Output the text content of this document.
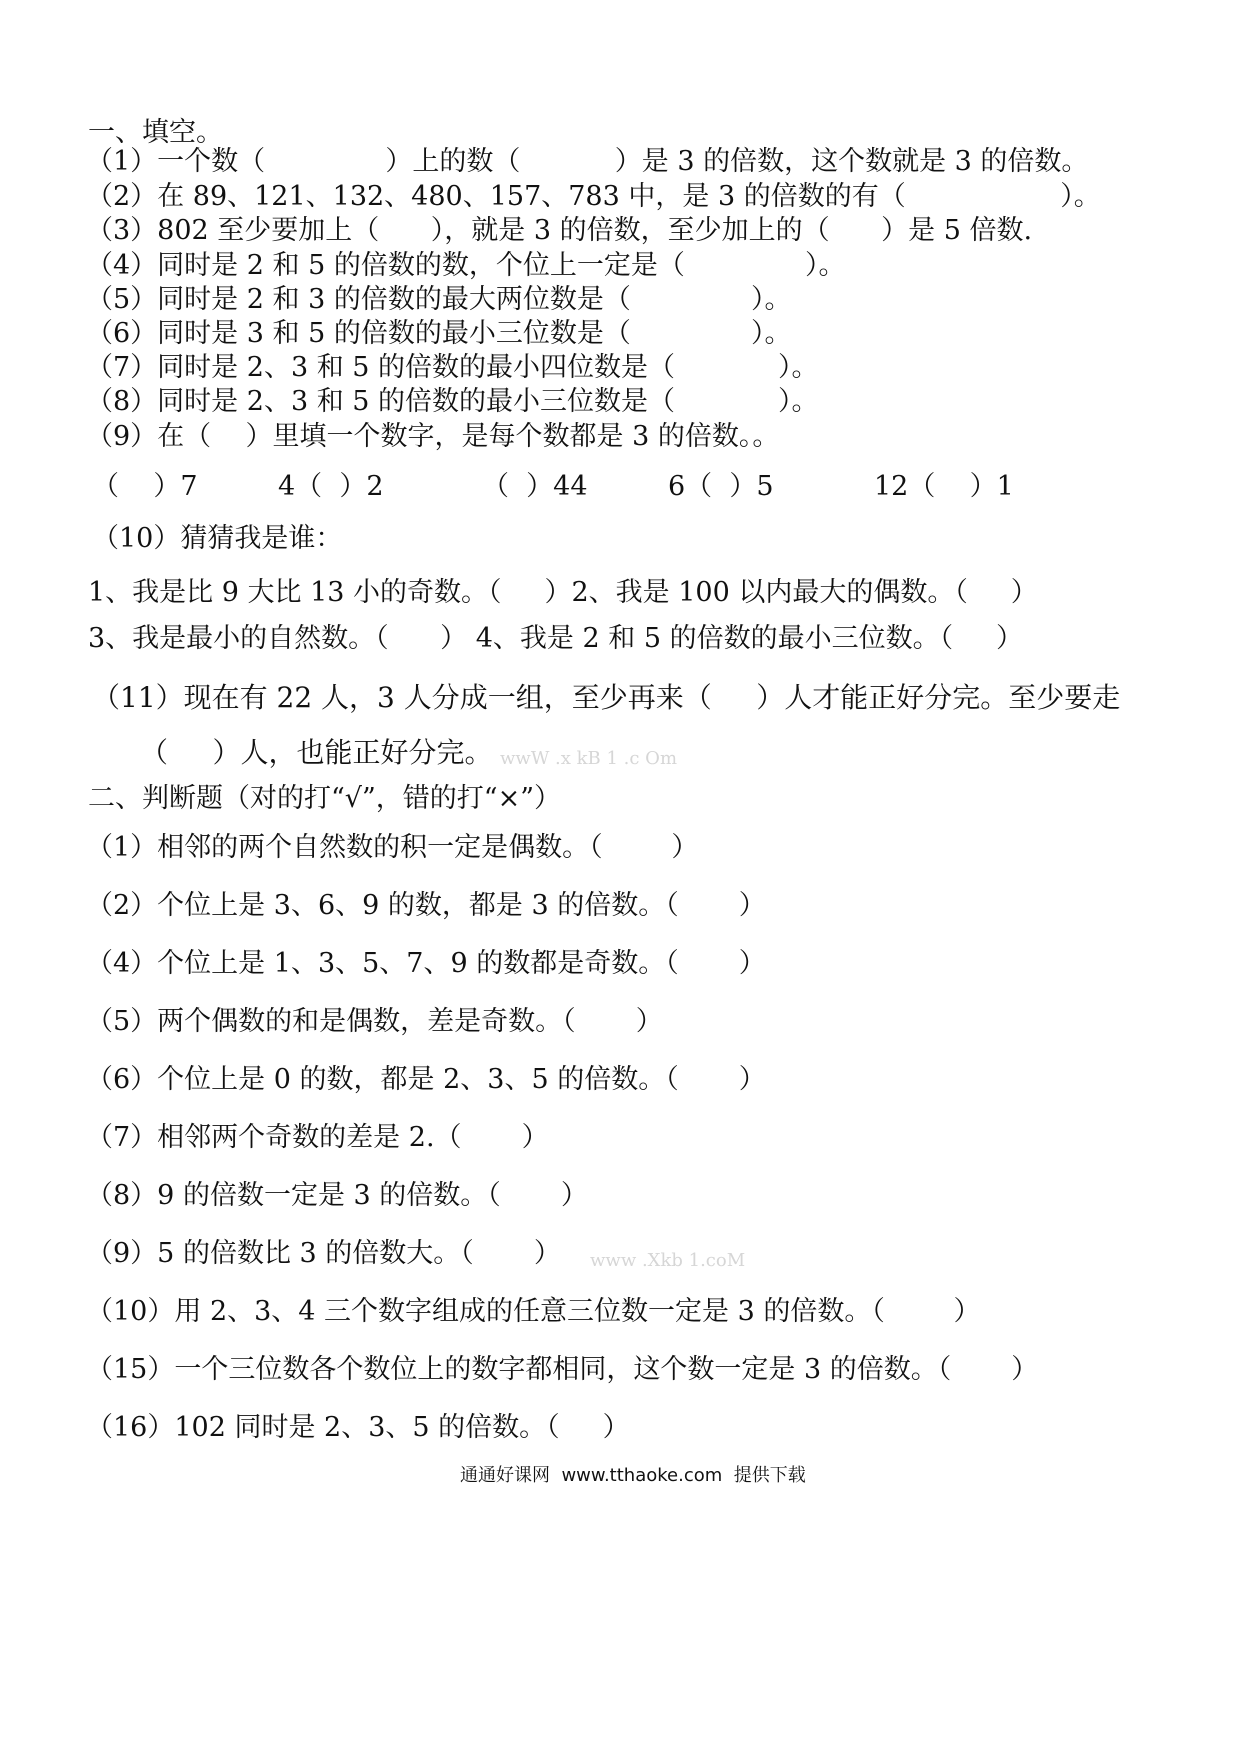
一、填空。
（1）一个数（              ）上的数（           ）是 3 的倍数，这个数就是 3 的倍数。
（2）在 89、121、132、480、157、783 中，是 3 的倍数的有（                  ）。
（3）802 至少要加上（      ），就是 3 的倍数，至少加上的（      ）是 5 倍数.
（4）同时是 2 和 5 的倍数的数，个位上一定是（              ）。
（5）同时是 2 和 3 的倍数的最大两位数是（              ）。
（6）同时是 3 和 5 的倍数的最小三位数是（              ）。
（7）同时是 2、3 和 5 的倍数的最小四位数是（            ）。
（8）同时是 2、3 和 5 的倍数的最小三位数是（            ）。
（9）在（    ）里填一个数字，是每个数都是 3 的倍数。。
（    ）7	4（  ）2	（  ）44	6（  ）5	12（    ）1
（10）猜猜我是谁：
1、我是比 9 大比 13 小的奇数。（     ）2、我是 100 以内最大的偶数。（     ）
3、我是最小的自然数。（      ） 4、我是 2 和 5 的倍数的最小三位数。（     ）
（11）现在有 22 人，3 人分成一组，至少再来（     ）人才能正好分完。至少要走
（     ）人，也能正好分完。 wwW .x kB 1 .c Om
二、判断题（对的打“√”，错的打“×”）
（1）相邻的两个自然数的积一定是偶数。（        ）
（2）个位上是 3、6、9 的数，都是 3 的倍数。（       ）
（4）个位上是 1、3、5、7、9 的数都是奇数。（       ）
（5）两个偶数的和是偶数，差是奇数。（       ）
（6）个位上是 0 的数，都是 2、3、5 的倍数。（       ）
（7）相邻两个奇数的差是 2.（       ）
（8）9 的倍数一定是 3 的倍数。（       ）
（9）5 的倍数比 3 的倍数大。（       ） www .Xkb 1.coM
（10）用 2、3、4 三个数字组成的任意三位数一定是 3 的倍数。（        ）
（15）一个三位数各个数位上的数字都相同，这个数一定是 3 的倍数。（       ）
（16）102 同时是 2、3、5 的倍数。（     ）
通通好课网  www.tthaoke.com  提供下载
